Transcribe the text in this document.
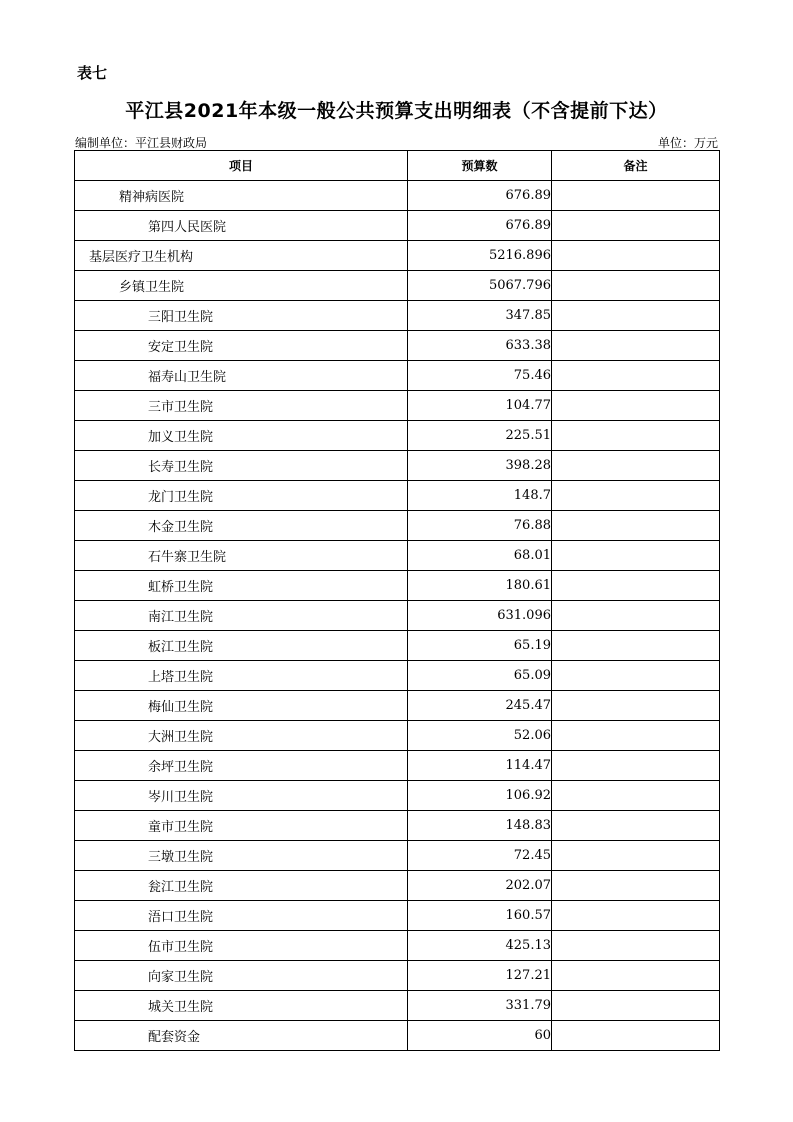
表七
平江县2021年本级一般公共预算支出明细表（不含提前下达）
编制单位：平江县财政局	单位：万元
项目	预算数	备注
精神病医院	676.89	
第四人民医院	676.89	
基层医疗卫生机构	5216.896	
乡镇卫生院	5067.796	
三阳卫生院	347.85	
安定卫生院	633.38	
福寿山卫生院	75.46	
三市卫生院	104.77	
加义卫生院	225.51	
长寿卫生院	398.28	
龙门卫生院	148.7	
木金卫生院	76.88	
石牛寨卫生院	68.01	
虹桥卫生院	180.61	
南江卫生院	631.096	
板江卫生院	65.19	
上塔卫生院	65.09	
梅仙卫生院	245.47	
大洲卫生院	52.06	
余坪卫生院	114.47	
岑川卫生院	106.92	
童市卫生院	148.83	
三墩卫生院	72.45	
瓮江卫生院	202.07	
浯口卫生院	160.57	
伍市卫生院	425.13	
向家卫生院	127.21	
城关卫生院	331.79	
配套资金	60	
